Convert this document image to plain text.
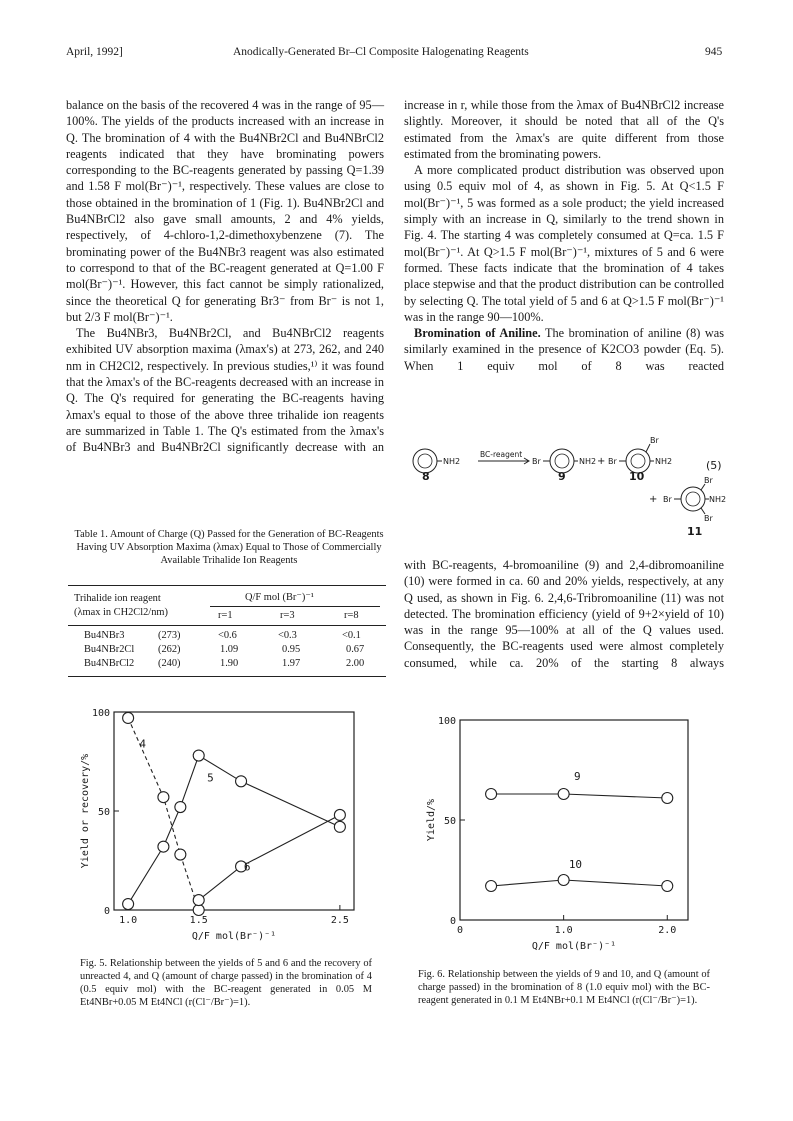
April, 1992]	Anodically-Generated Br–Cl Composite Halogenating Reagents	945

balance on the basis of the recovered 4 was in the range of 95—100%. The yields of the products increased with an increase in Q. The bromination of 4 with the Bu4NBr2Cl and Bu4NBrCl2 reagents indicated that they have brominating powers corresponding to the BC-reagents generated by passing Q=1.39 and 1.58 F mol(Br⁻)⁻¹, respectively. These values are close to those obtained in the bromination of 1 (Fig. 1). Bu4NBr2Cl and Bu4NBrCl2 also gave small amounts, 2 and 4% yields, respectively, of 4-chloro-1,2-dimethoxybenzene (7). The brominating power of the Bu4NBr3 reagent was also estimated to correspond to that of the BC-reagent generated at Q=1.00 F mol(Br⁻)⁻¹. However, this fact cannot be simply rationalized, since the theoretical Q for generating Br3⁻ from Br⁻ is not 1, but 2/3 F mol(Br⁻)⁻¹.

The Bu4NBr3, Bu4NBr2Cl, and Bu4NBrCl2 reagents exhibited UV absorption maxima (λmax's) at 273, 262, and 240 nm in CH2Cl2, respectively. In previous studies,¹⁾ it was found that the λmax's of the BC-reagents decreased with an increase in Q. The Q's required for generating the BC-reagents having λmax's equal to those of the above three trihalide ion reagents are summarized in Table 1. The Q's estimated from the λmax's of Bu4NBr3 and Bu4NBr2Cl significantly decrease with an

increase in r, while those from the λmax of Bu4NBrCl2 increase slightly. Moreover, it should be noted that all of the Q's estimated from the λmax's are quite different from those estimated from the brominating powers.

A more complicated product distribution was observed upon using 0.5 equiv mol of 4, as shown in Fig. 5. At Q<1.5 F mol(Br⁻)⁻¹, 5 was formed as a sole product; the yield increased simply with an increase in Q, similarly to the trend shown in Fig. 4. The starting 4 was completely consumed at Q=ca. 1.5 F mol(Br⁻)⁻¹. At Q>1.5 F mol(Br⁻)⁻¹, mixtures of 5 and 6 were formed. These facts indicate that the bromination of 4 takes place stepwise and that the product distribution can be controlled by selecting Q. The total yield of 5 and 6 at Q>1.5 F mol(Br⁻)⁻¹ was in the range 90—100%.

Bromination of Aniline. The bromination of aniline (8) was similarly examined in the presence of K2CO3 powder (Eq. 5). When 1 equiv mol of 8 was reacted

NH2
8
BC-reagent
Br	NH2
9
+ Br
Br
NH2
10
(5)
+ Br
Br
NH2
Br
11
Table 1. Amount of Charge (Q) Passed for the Generation of BC-Reagents Having UV Absorption Maxima (λmax) Equal to Those of Commercially Available Trihalide Ion Reagents
Trihalide ion reagent
(λmax in CH2Cl2/nm)
Q/F mol (Br⁻)⁻¹
r=1	r=3	r=8
Bu4NBr3	(273)	<0.6	<0.3	<0.1
Bu4NBr2Cl (262)	1.09	0.95	0.67
Bu4NBrCl2 (240)	1.90	1.97	2.00

with BC-reagents, 4-bromoaniline (9) and 2,4-dibromoaniline (10) were formed in ca. 60 and 20% yields, respectively, at any Q used, as shown in Fig. 6. 2,4,6-Tribromoaniline (11) was not detected. The bromination efficiency (yield of 9+2×yield of 10) was in the range 95—100% at all of the Q values used. Consequently, the BC-reagents used were almost completely consumed, while ca. 20% of the starting 8 always

1.0	1.5	2.5
0
50
100
Q/F mol(Br⁻)⁻¹
Yield or recovery/%
4
5
6
Fig. 5. Relationship between the yields of 5 and 6 and the recovery of unreacted 4, and Q (amount of charge passed) in the bromination of 4 (0.5 equiv mol) with the BC-reagent generated in 0.05 M Et4NBr+0.05 M Et4NCl (r(Cl⁻/Br⁻)=1).
0	1.0	2.0
0
50
100
Q/F mol(Br⁻)⁻¹
Yield/%
9
10
Fig. 6. Relationship between the yields of 9 and 10, and Q (amount of charge passed) in the bromination of 8 (1.0 equiv mol) with the BC-reagent generated in 0.1 M Et4NBr+0.1 M Et4NCl (r(Cl⁻/Br⁻)=1).
